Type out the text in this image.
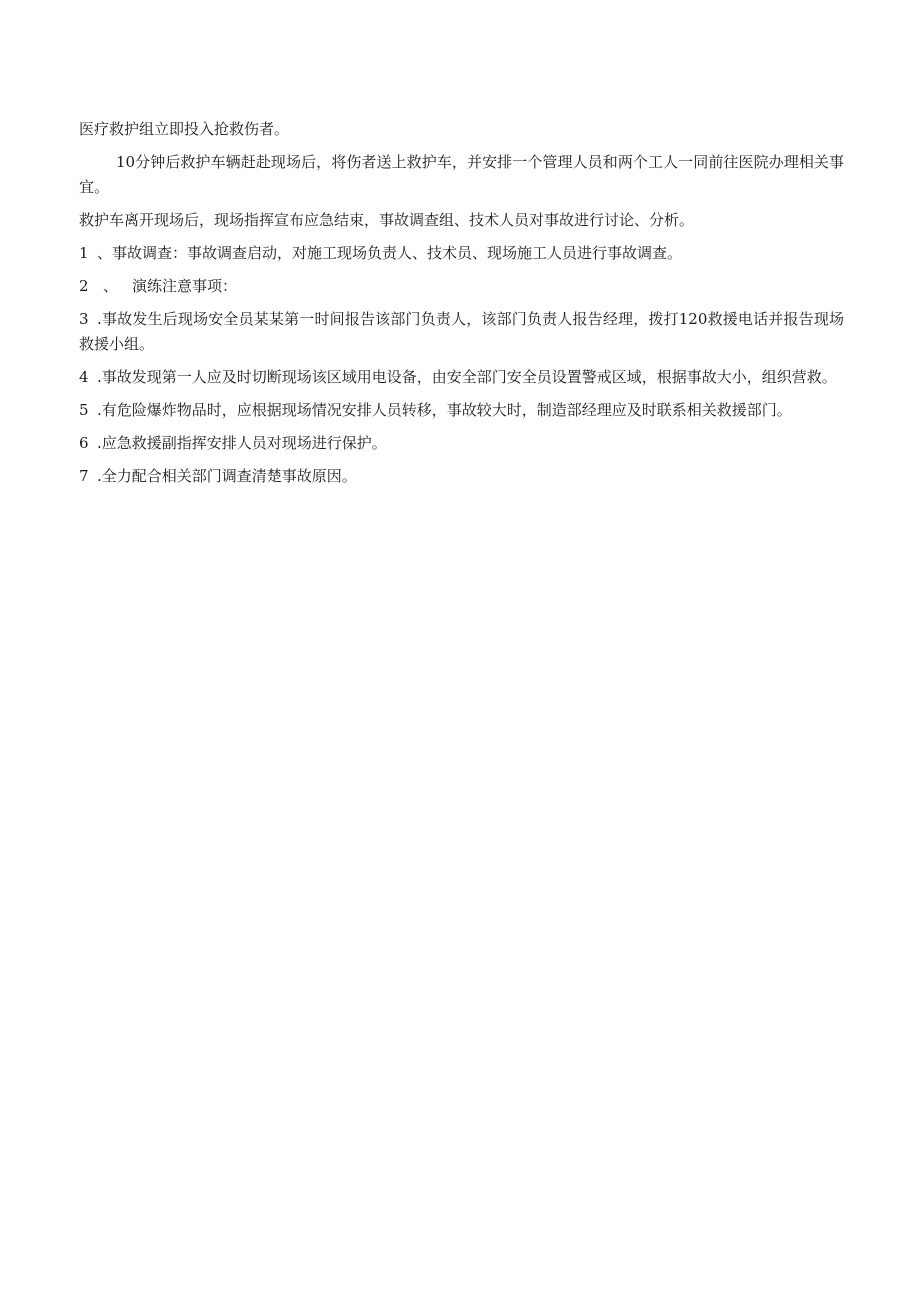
医疗救护组立即投入抢救伤者。

10分钟后救护车辆赶赴现场后，将伤者送上救护车，并安排一个管理人员和两个工人一同前往医院办理相关事宜。

救护车离开现场后，现场指挥宣布应急结束，事故调查组、技术人员对事故进行讨论、分析。

1 、事故调查：事故调查启动，对施工现场负责人、技术员、现场施工人员进行事故调查。

2 、 演练注意事项：

3 .事故发生后现场安全员某某第一时间报告该部门负责人，该部门负责人报告经理，拨打120救援电话并报告现场救援小组。

4 .事故发现第一人应及时切断现场该区域用电设备，由安全部门安全员设置警戒区域，根据事故大小，组织营救。

5 .有危险爆炸物品时，应根据现场情况安排人员转移，事故较大时，制造部经理应及时联系相关救援部门。

6 .应急救援副指挥安排人员对现场进行保护。

7 .全力配合相关部门调查清楚事故原因。
